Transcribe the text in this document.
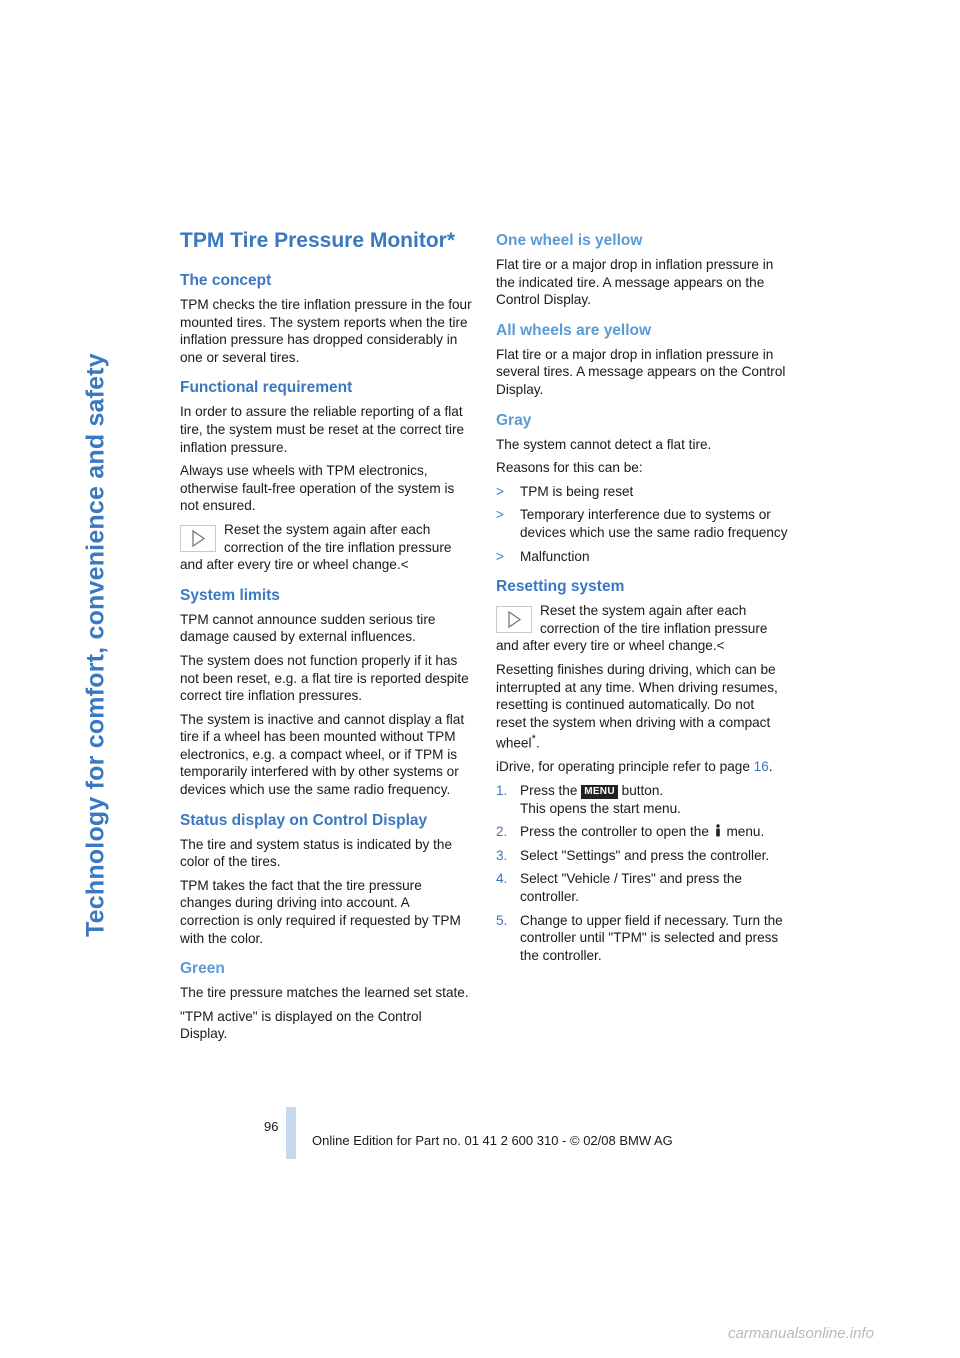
Technology for comfort, convenience and safety
TPM Tire Pressure Monitor*
The concept

TPM checks the tire inflation pressure in the four mounted tires. The system reports when the tire inflation pressure has dropped considerably in one or several tires.

Functional requirement

In order to assure the reliable reporting of a flat tire, the system must be reset at the correct tire inflation pressure.

Always use wheels with TPM electronics, otherwise fault-free operation of the system is not ensured.

Reset the system again after each correction of the tire inflation pressure and after every tire or wheel change.<
System limits

TPM cannot announce sudden serious tire damage caused by external influences.

The system does not function properly if it has not been reset, e.g. a flat tire is reported despite correct tire inflation pressures.

The system is inactive and cannot display a flat tire if a wheel has been mounted without TPM electronics, e.g. a compact wheel, or if TPM is temporarily interfered with by other systems or devices which use the same radio frequency.

Status display on Control Display

The tire and system status is indicated by the color of the tires.

TPM takes the fact that the tire pressure changes during driving into account. A correction is only required if requested by TPM with the color.

Green

The tire pressure matches the learned set state.

"TPM active" is displayed on the Control Display.

One wheel is yellow

Flat tire or a major drop in inflation pressure in the indicated tire. A message appears on the Control Display.

All wheels are yellow

Flat tire or a major drop in inflation pressure in several tires. A message appears on the Control Display.

Gray

The system cannot detect a flat tire.

Reasons for this can be:

> TPM is being reset
> Temporary interference due to systems or devices which use the same radio frequency
> Malfunction
Resetting system
Reset the system again after each correction of the tire inflation pressure and after every tire or wheel change.<

Resetting finishes during driving, which can be interrupted at any time. When driving resumes, resetting is continued automatically. Do not reset the system when driving with a compact wheel*.

iDrive, for operating principle refer to page 16.

1. Press the MENU button.
This opens the start menu.
2. Press the controller to open the  menu.
3. Select "Settings" and press the controller.
4. Select "Vehicle / Tires" and press the controller.
5. Change to upper field if necessary. Turn the controller until "TPM" is selected and press the controller.
96
Online Edition for Part no. 01 41 2 600 310 - © 02/08 BMW AG
carmanualsonline.info
